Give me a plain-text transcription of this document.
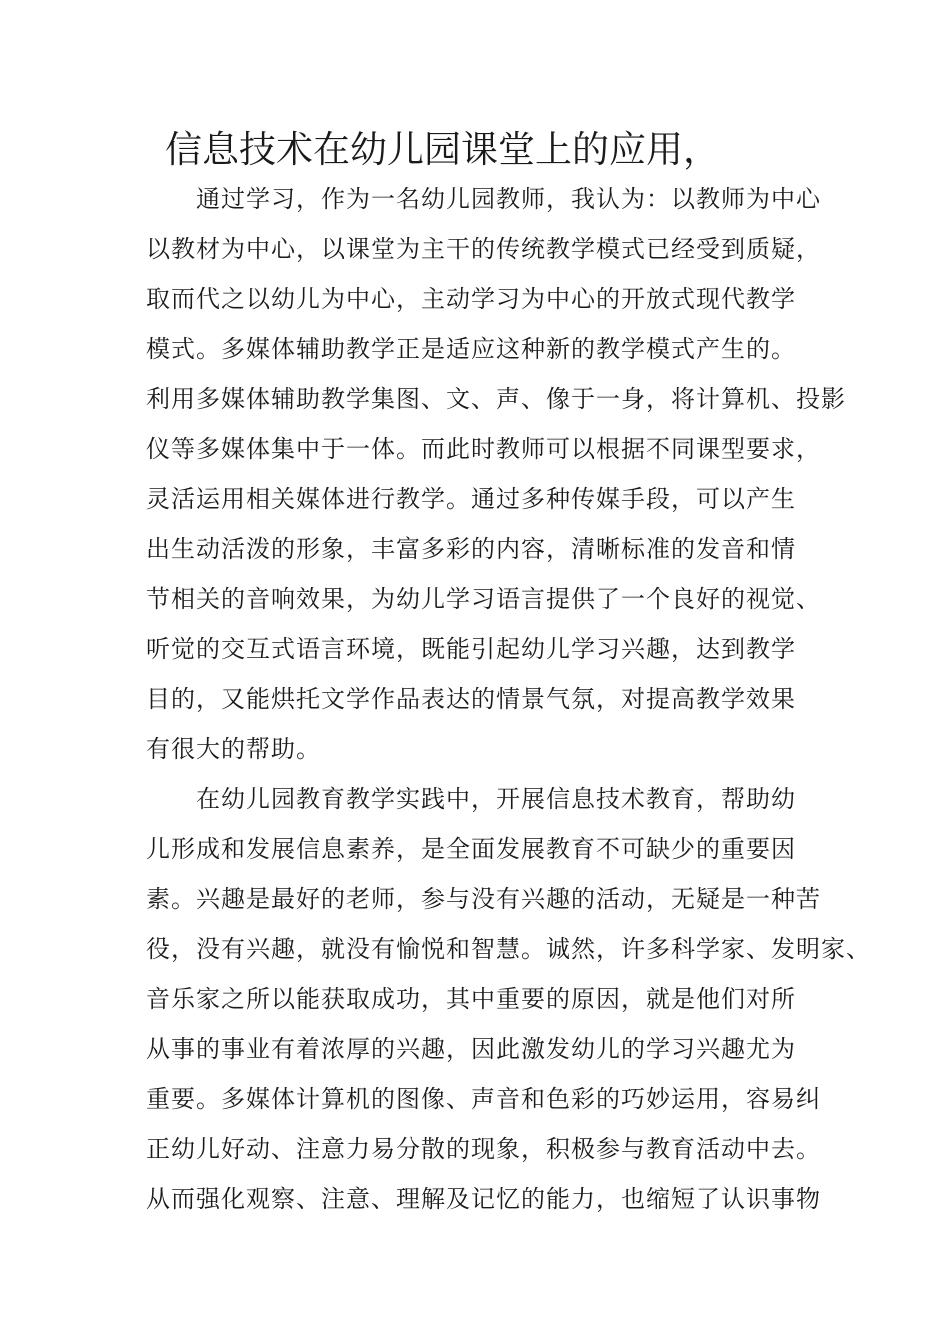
信息技术在幼儿园课堂上的应用，
通过学习，作为一名幼儿园教师，我认为：以教师为中心
以教材为中心，以课堂为主干的传统教学模式已经受到质疑，
取而代之以幼儿为中心，主动学习为中心的开放式现代教学
模式。多媒体辅助教学正是适应这种新的教学模式产生的。
利用多媒体辅助教学集图、文、声、像于一身，将计算机、投影
仪等多媒体集中于一体。而此时教师可以根据不同课型要求，
灵活运用相关媒体进行教学。通过多种传媒手段，可以产生
出生动活泼的形象，丰富多彩的内容，清晰标准的发音和情
节相关的音响效果，为幼儿学习语言提供了一个良好的视觉、
听觉的交互式语言环境，既能引起幼儿学习兴趣，达到教学
目的，又能烘托文学作品表达的情景气氛，对提高教学效果
有很大的帮助。
在幼儿园教育教学实践中，开展信息技术教育，帮助幼
儿形成和发展信息素养，是全面发展教育不可缺少的重要因
素。兴趣是最好的老师，参与没有兴趣的活动，无疑是一种苦
役，没有兴趣，就没有愉悦和智慧。诚然，许多科学家、发明家、
音乐家之所以能获取成功，其中重要的原因，就是他们对所
从事的事业有着浓厚的兴趣，因此激发幼儿的学习兴趣尤为
重要。多媒体计算机的图像、声音和色彩的巧妙运用，容易纠
正幼儿好动、注意力易分散的现象，积极参与教育活动中去。
从而强化观察、注意、理解及记忆的能力，也缩短了认识事物
